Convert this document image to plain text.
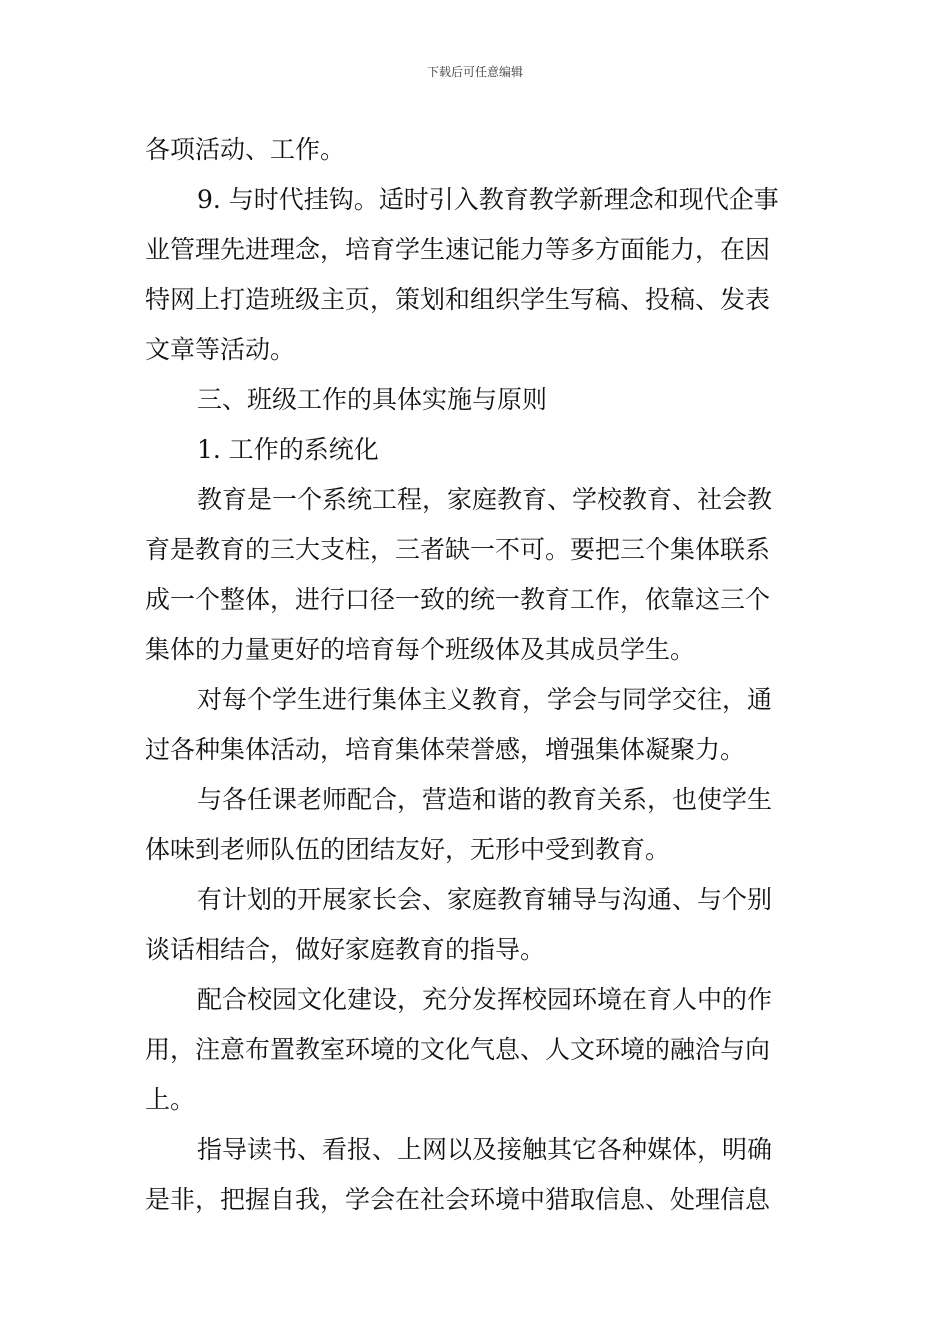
下载后可任意编辑
各项活动、工作。
9. 与时代挂钩。适时引入教育教学新理念和现代企事
业管理先进理念，培育学生速记能力等多方面能力，在因
特网上打造班级主页，策划和组织学生写稿、投稿、发表
文章等活动。
三、班级工作的具体实施与原则
1. 工作的系统化
教育是一个系统工程，家庭教育、学校教育、社会教
育是教育的三大支柱，三者缺一不可。要把三个集体联系
成一个整体，进行口径一致的统一教育工作，依靠这三个
集体的力量更好的培育每个班级体及其成员学生。
对每个学生进行集体主义教育，学会与同学交往，通
过各种集体活动，培育集体荣誉感，增强集体凝聚力。
与各任课老师配合，营造和谐的教育关系，也使学生
体味到老师队伍的团结友好，无形中受到教育。
有计划的开展家长会、家庭教育辅导与沟通、与个别
谈话相结合，做好家庭教育的指导。
配合校园文化建设，充分发挥校园环境在育人中的作
用，注意布置教室环境的文化气息、人文环境的融洽与向
上。
指导读书、看报、上网以及接触其它各种媒体，明确
是非，把握自我，学会在社会环境中猎取信息、处理信息
